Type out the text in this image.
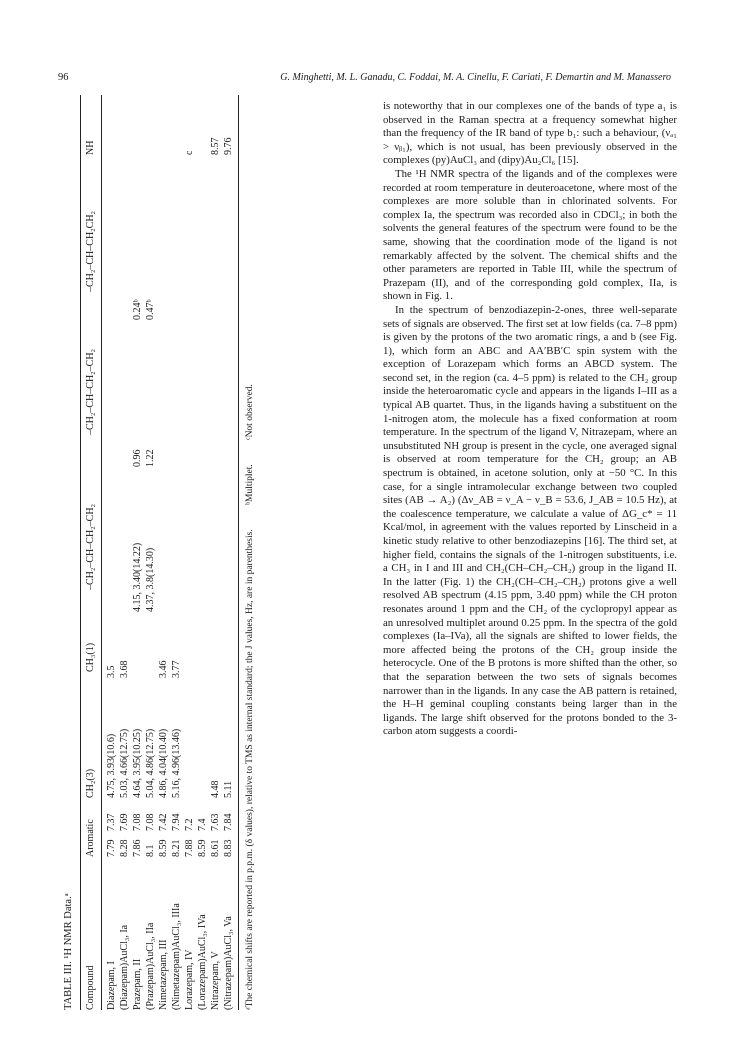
96	G. Minghetti, M. L. Ganadu, C. Foddai, M. A. Cinellu, F. Cariati, F. Demartin and M. Manassero
TABLE III. ¹H NMR Data.ᵃ	Compound
Aromatic
CH₂(3)
CH₃(1)
–CH₂–CH–CH₂–CH₂
–CH₂–CH–CH₂–CH₂
–CH₂–CH–CH₂CH₂
NH
Diazepam, I
7.79
7.37
4.75, 3.93(10.6)
3.5
(Diazepam)AuCl₃, Ia
8.28
7.69
5.03, 4.66(12.75)
3.68
Prazepam, II
7.86
7.08
4.64, 3.95(10.25)
4.15, 3.40(14.22)
0.96
0.24ᵇ
(Prazepam)AuCl₃, IIa
8.1
7.08
5.04, 4.86(12.75)
4.37, 3.8(14.30)
1.22
0.47ᵇ
Nimetazepam, III
8.59
7.42
4.86, 4.04(10.40)
3.46
(Nimetazepam)AuCl₃, IIIa
8.21
7.94
5.16, 4.96(13.46)
3.77
Lorazepam, IV
7.88
7.2
c
(Lorazepam)AuCl₃, IVa
8.59
7.4
Nitrazepam, V
8.61
7.63
4.48
8.57
(Nitrazepam)AuCl₃, Va
8.83
7.84
5.11
9.76
ᵃThe chemical shifts are reported in p.p.m. (δ values), relative to TMS as internal standard; the J values, Hz, are in parenthesis. ᵇMultiplet. ᶜNot observed.

is noteworthy that in our complexes one of the bands of type a₁ is observed in the Raman spectra at a frequency somewhat higher than the frequency of the IR band of type b₁: such a behaviour, (νₐ₁ > νᵦ₁), which is not usual, has been previously observed in the complexes (py)AuCl₃ and (dipy)Au₂Cl₆ [15].

The ¹H NMR spectra of the ligands and of the complexes were recorded at room temperature in deuteroacetone, where most of the complexes are more soluble than in chlorinated solvents. For complex Ia, the spectrum was recorded also in CDCl₃; in both the solvents the general features of the spectrum were found to be the same, showing that the coordination mode of the ligand is not remarkably affected by the solvent. The chemical shifts and the other parameters are reported in Table III, while the spectrum of Prazepam (II), and of the corresponding gold complex, IIa, is shown in Fig. 1.

In the spectrum of benzodiazepin-2-ones, three well-separate sets of signals are observed. The first set at low fields (ca. 7–8 ppm) is given by the protons of the two aromatic rings, a and b (see Fig. 1), which form an ABC and AA′BB′C spin system with the exception of Lorazepam which forms an ABCD system. The second set, in the region (ca. 4–5 ppm) is related to the CH₂ group inside the heteroaromatic cycle and appears in the ligands I–III as a typical AB quartet. Thus, in the ligands having a substituent on the 1-nitrogen atom, the molecule has a fixed conformation at room temperature. In the spectrum of the ligand V, Nitrazepam, where an unsubstituted NH group is present in the cycle, one averaged signal is observed at room temperature for the CH₂ group; an AB spectrum is obtained, in acetone solution, only at −50 °C. In this case, for a single intramolecular exchange between two coupled sites (AB → A₂) (Δν_AB = ν_A − ν_B = 53.6, J_AB = 10.5 Hz), at the coalescence temperature, we calculate a value of ΔG_c* = 11 Kcal/mol, in agreement with the values reported by Linscheid in a kinetic study relative to other benzodiazepins [16]. The third set, at higher field, contains the signals of the 1-nitrogen substituents, i.e. a CH₃ in I and III and CH₂(CH–CH₂–CH₂) group in the ligand II. In the latter (Fig. 1) the CH₂(CH–CH₂–CH₂) protons give a well resolved AB spectrum (4.15 ppm, 3.40 ppm) while the CH proton resonates around 1 ppm and the CH₂ of the cyclopropyl appear as an unresolved multiplet around 0.25 ppm. In the spectra of the gold complexes (Ia–IVa), all the signals are shifted to lower fields, the more affected being the protons of the CH₂ group inside the heterocycle. One of the B protons is more shifted than the other, so that the separation between the two sets of signals becomes narrower than in the ligands. In any case the AB pattern is retained, the H–H geminal coupling constants being larger than in the ligands. The large shift observed for the protons bonded to the 3-carbon atom suggests a coordi-
